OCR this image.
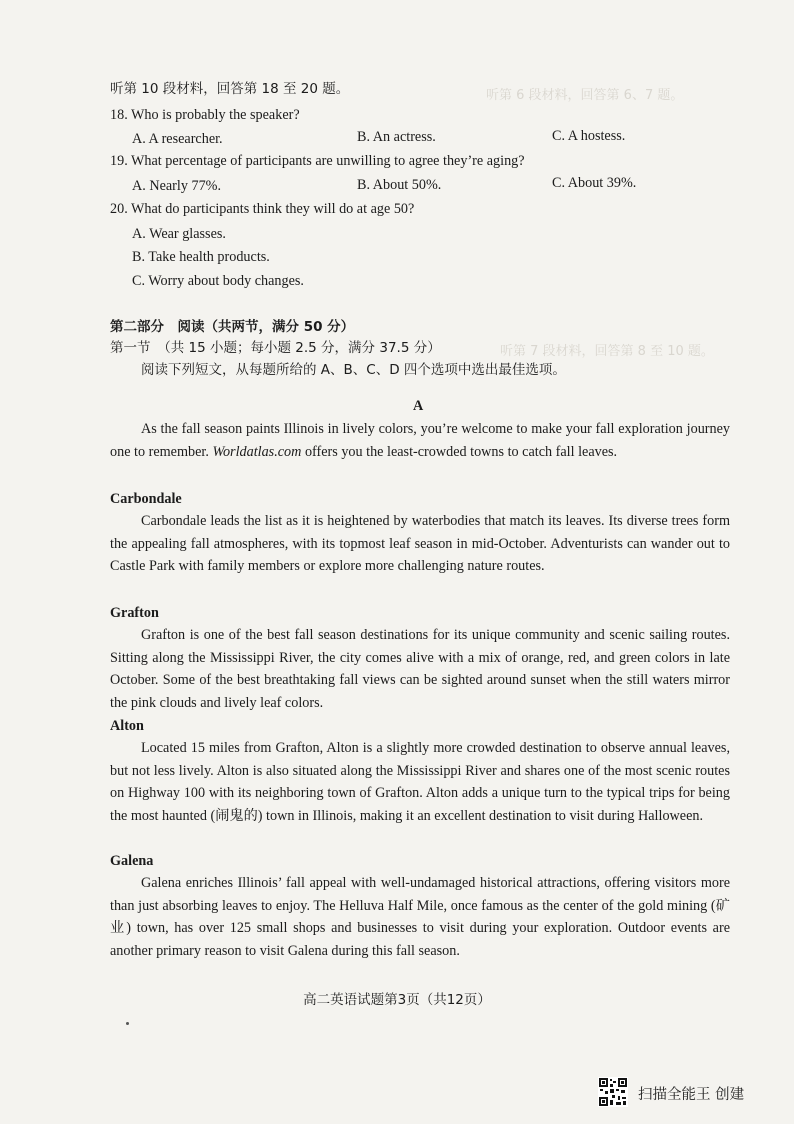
听第 6 段材料，回答第 6、7 题。
听第 7 段材料，回答第 8 至 10 题。
听第 10 段材料，回答第 18 至 20 题。
18. Who is probably the speaker?
A. A researcher.	B. An actress.	C. A hostess.
19. What percentage of participants are unwilling to agree they’re aging?
A. Nearly 77%.	B. About 50%.	C. About 39%.
20. What do participants think they will do at age 50?
A. Wear glasses.
B. Take health products.
C. Worry about body changes.
第二部分　阅读（共两节，满分 50 分）
第一节　（共 15 小题；每小题 2.5 分，满分 37.5 分）
阅读下列短文，从每题所给的 A、B、C、D 四个选项中选出最佳选项。
A
As the fall season paints Illinois in lively colors, you’re welcome to make your fall exploration journey one to remember. Worldatlas.com offers you the least-crowded towns to catch fall leaves.
Carbondale
Carbondale leads the list as it is heightened by waterbodies that match its leaves. Its diverse trees form the appealing fall atmospheres, with its topmost leaf season in mid-October. Adventurists can wander out to Castle Park with family members or explore more challenging nature routes.
Grafton
Grafton is one of the best fall season destinations for its unique community and scenic sailing routes. Sitting along the Mississippi River, the city comes alive with a mix of orange, red, and green colors in late October. Some of the best breathtaking fall views can be sighted around sunset when the still waters mirror the pink clouds and lively leaf colors.
Alton
Located 15 miles from Grafton, Alton is a slightly more crowded destination to observe annual leaves, but not less lively. Alton is also situated along the Mississippi River and shares one of the most scenic routes on Highway 100 with its neighboring town of Grafton. Alton adds a unique turn to the typical trips for being the most haunted (闹鬼的) town in Illinois, making it an excellent destination to visit during Halloween.
Galena
Galena enriches Illinois’ fall appeal with well-undamaged historical attractions, offering visitors more than just absorbing leaves to enjoy. The Helluva Half Mile, once famous as the center of the gold mining (矿业) town, has over 125 small shops and businesses to visit during your exploration. Outdoor events are another primary reason to visit Galena during this fall season.
高二英语试题第3页（共12页）
扫描全能王 创建
